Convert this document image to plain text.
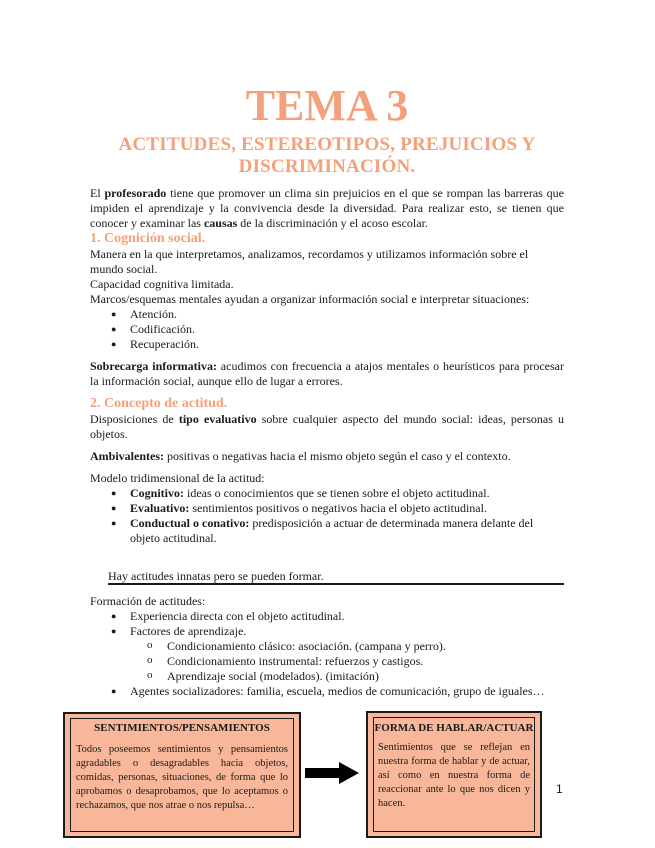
TEMA 3
ACTITUDES, ESTEREOTIPOS, PREJUICIOS Y DISCRIMINACIÓN.

El profesorado tiene que promover un clima sin prejuicios en el que se rompan las barreras que impiden el aprendizaje y la convivencia desde la diversidad. Para realizar esto, se tienen que conocer y examinar las causas de la discriminación y el acoso escolar.

1. Cognición social.

Manera en la que interpretamos, analizamos, recordamos y utilizamos información sobre el mundo social.

Capacidad cognitiva limitada.

Marcos/esquemas mentales ayudan a organizar información social e interpretar situaciones:

● Atención.
● Codificación.
● Recuperación.

Sobrecarga informativa: acudimos con frecuencia a atajos mentales o heurísticos para procesar la información social, aunque ello de lugar a errores.

2. Concepto de actitud.

Disposiciones de tipo evaluativo sobre cualquier aspecto del mundo social: ideas, personas u objetos.

Ambivalentes: positivas o negativas hacia el mismo objeto según el caso y el contexto.

Modelo tridimensional de la actitud:

● Cognitivo: ideas o conocimientos que se tienen sobre el objeto actitudinal.
● Evaluativo: sentimientos positivos o negativos hacia el objeto actitudinal.
● Conductual o conativo: predisposición a actuar de determinada manera delante del objeto actitudinal.
Hay actitudes innatas pero se pueden formar.

Formación de actitudes:

● Experiencia directa con el objeto actitudinal.
● Factores de aprendizaje.
o Condicionamiento clásico: asociación. (campana y perro).
o Condicionamiento instrumental: refuerzos y castigos.
o Aprendizaje social (modelados). (imitación)
● Agentes socializadores: familia, escuela, medios de comunicación, grupo de iguales…
SENTIMIENTOS/PENSAMIENTOS
Todos poseemos sentimientos y pensamientos agradables o desagradables hacia objetos, comidas, personas, situaciones, de forma que lo aprobamos o desaprobamos, que lo aceptamos o rechazamos, que nos atrae o nos repulsa…
FORMA DE HABLAR/ACTUAR
Sentimientos que se reflejan en nuestra forma de hablar y de actuar, así como en nuestra forma de reaccionar ante lo que nos dicen y hacen.
1
